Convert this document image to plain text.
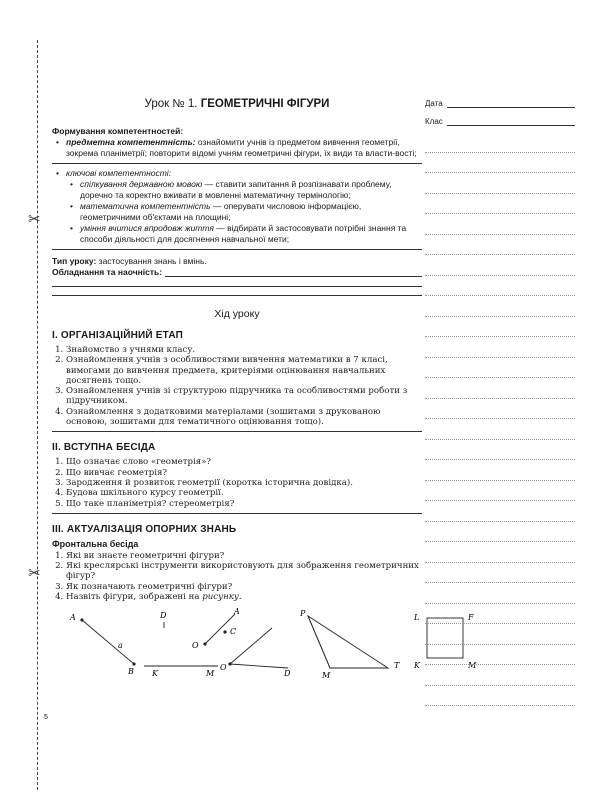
✂
✂
Урок № 1. ГЕОМЕТРИЧНІ ФІГУРИ
Формування компетентностей:
• предметна компетентність: ознайомити учнів із предметом вивчення геометрії, зокрема планіметрії; повторити відомі учням геометричні фігури, їх види та власти-вості;
• ключові компетентності:
• спілкування державною мовою — ставити запитання й розпізнавати проблему, доречно та коректно вживати в мовленні математичну термінологію;
• математична компетентність — оперувати числовою інформацією, геометричними об'єктами на площині;
• уміння вчитися впродовж життя — відбирати й застосовувати потрібні знання та способи діяльності для досягнення навчальної мети;
Тип уроку: застосування знань і вмінь.
Обладнання та наочність:
Хід уроку
І. ОРГАНІЗАЦІЙНИЙ ЕТАП
1. Знайомство з учнями класу.
2. Ознайомлення учнів з особливостями вивчення математики в 7 класі, вимогами до вивчення предмета, критеріями оцінювання навчальних досягнень тощо.
3. Ознайомлення учнів зі структурою підручника та особливостями роботи з підручником.
4. Ознайомлення з додатковими матеріалами (зошитами з друкованою основою, зошитами для тематичного оцінювання тощо).
ІІ. ВСТУПНА БЕСІДА
1. Що означає слово «геометрія»?
2. Що вивчає геометрія?
3. Зародження й розвиток геометрії (коротка історична довідка).
4. Будова шкільного курсу геометрії.
5. Що таке планіметрія? стереометрія?
ІІІ. АКТУАЛІЗАЦІЯ ОПОРНИХ ЗНАНЬ
Фронтальна бесіда
1. Які ви знаєте геометричні фігури?
2. Які креслярські інструменти використовують для зображення геометричних фігур?
3. Як позначають геометричні фігури?
4. Назвіть фігури, зображені на рисунку.
A
a
B
D
K	M
A
C
O
O
D
P
T
M
L	F
K	M
Дата
Клас
5
